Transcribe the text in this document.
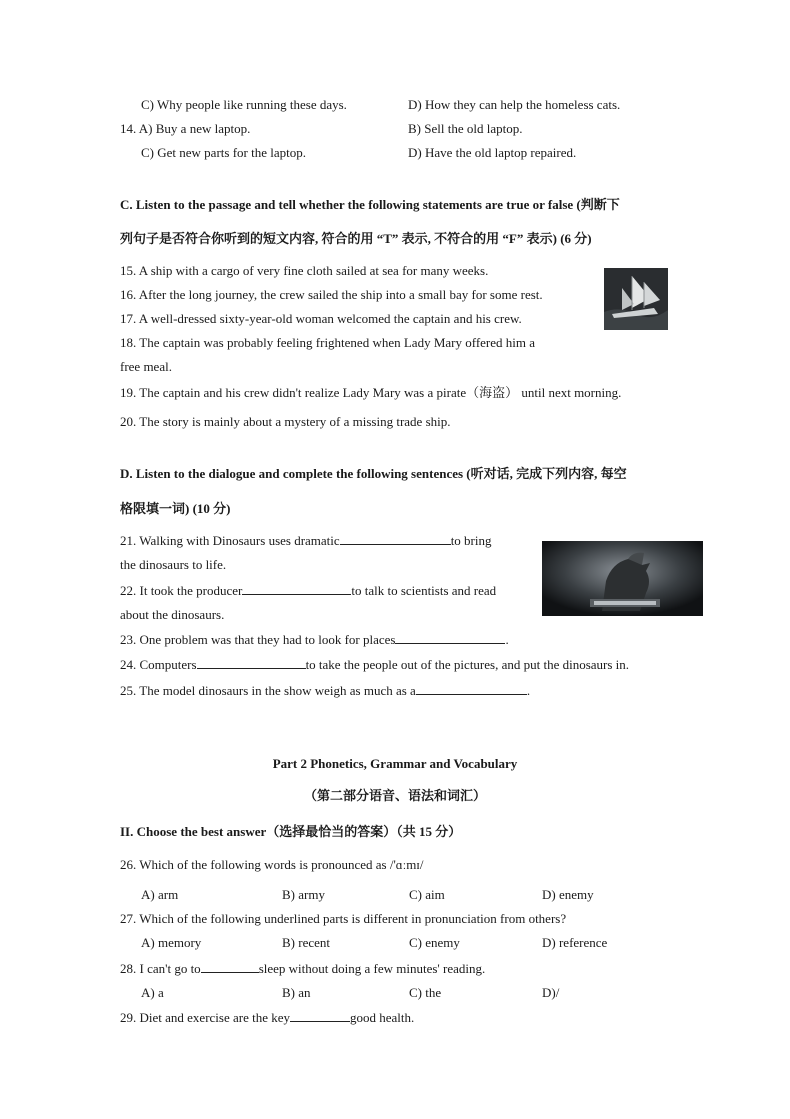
C) Why people like running these days.	D) How they can help the homeless cats.
14. A) Buy a new laptop.	B) Sell the old laptop.
C) Get new parts for the laptop.	D) Have the old laptop repaired.
C. Listen to the passage and tell whether the following statements are true or false (判断下
列句子是否符合你听到的短文内容, 符合的用 “T” 表示, 不符合的用 “F” 表示) (6 分)
15. A ship with a cargo of very fine cloth sailed at sea for many weeks.
16. After the long journey, the crew sailed the ship into a small bay for some rest.
17. A well-dressed sixty-year-old woman welcomed the captain and his crew.
18. The captain was probably feeling frightened when Lady Mary offered him a
free meal.
19. The captain and his crew didn't realize Lady Mary was a pirate（海盗） until next morning.
20. The story is mainly about a mystery of a missing trade ship.
D. Listen to the dialogue and complete the following sentences (听对话, 完成下列内容, 每空
格限填一词) (10 分)
21. Walking with Dinosaurs uses dramatic	to bring
the dinosaurs to life.
22. It took the producer	to talk to scientists and read
about the dinosaurs.
23. One problem was that they had to look for places	.
24. Computers	to take the people out of the pictures, and put the dinosaurs in.
25. The model dinosaurs in the show weigh as much as a	.
Part 2 Phonetics, Grammar and Vocabulary
（第二部分语音、语法和词汇）
II. Choose the best answer（选择最恰当的答案）（共 15 分）
26. Which of the following words is pronounced as /'ɑːmɪ/
A) arm	B) army	C) aim	D) enemy
27. Which of the following underlined parts is different in pronunciation from others?
A) memory	B) recent	C) enemy	D) reference
28. I can't go to	sleep without doing a few minutes' reading.
A) a	B) an	C) the	D)/
29. Diet and exercise are the key	good health.
